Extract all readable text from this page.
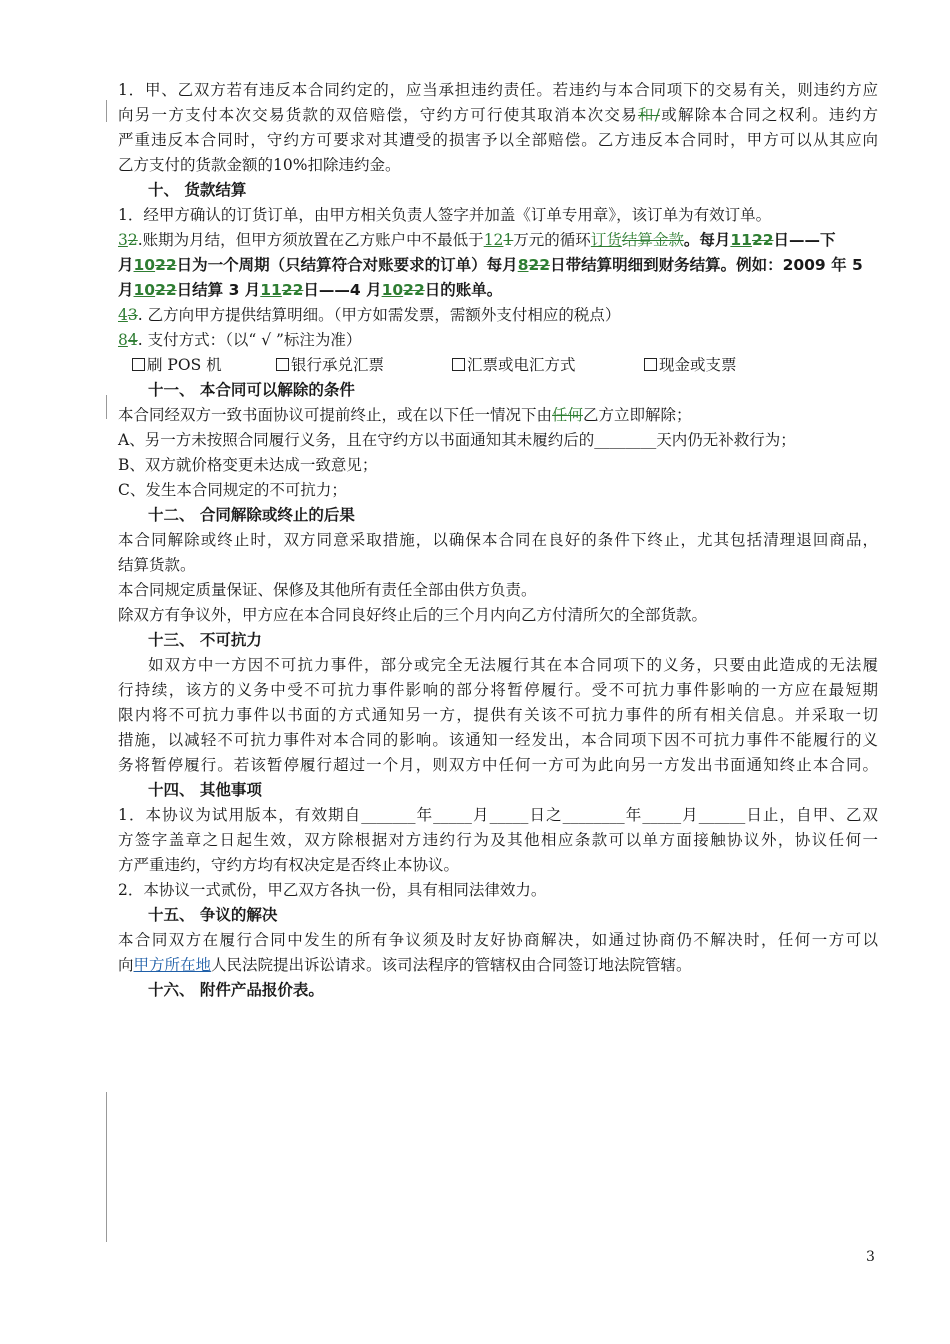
1．甲、乙双方若有违反本合同约定的，应当承担违约责任。若违约与本合同项下的交易有关，则违约方应
向另一方支付本次交易货款的双倍赔偿，守约方可行使其取消本次交易和/或解除本合同之权利。违约方
严重违反本合同时，守约方可要求对其遭受的损害予以全部赔偿。乙方违反本合同时，甲方可以从其应向
乙方支付的货款金额的10%扣除违约金。
十、 货款结算
1．经甲方确认的订货订单，由甲方相关负责人签字并加盖《订单专用章》，该订单为有效订单。
32.账期为月结，但甲方须放置在乙方账户中不最低于121万元的循环订货结算金款。每月1122日——下
月1022日为一个周期（只结算符合对账要求的订单）每月822日带结算明细到财务结算。例如：2009 年 5
月1022日结算 3 月1122日——4 月1022日的账单。
43. 乙方向甲方提供结算明细。（甲方如需发票，需额外支付相应的税点）
84. 支付方式：（以“ √ ”标注为准）
刷 POS 机	银行承兑汇票	汇票或电汇方式	现金或支票
十一、 本合同可以解除的条件
本合同经双方一致书面协议可提前终止，或在以下任一情况下由任何乙方立即解除；
A、另一方未按照合同履行义务，且在守约方以书面通知其未履约后的________天内仍无补救行为；
B、双方就价格变更未达成一致意见；
C、发生本合同规定的不可抗力；
十二、 合同解除或终止的后果
本合同解除或终止时，双方同意采取措施，以确保本合同在良好的条件下终止，尤其包括清理退回商品，
结算货款。
本合同规定质量保证、保修及其他所有责任全部由供方负责。
除双方有争议外，甲方应在本合同良好终止后的三个月内向乙方付清所欠的全部货款。
十三、 不可抗力
如双方中一方因不可抗力事件，部分或完全无法履行其在本合同项下的义务，只要由此造成的无法履
行持续，该方的义务中受不可抗力事件影响的部分将暂停履行。受不可抗力事件影响的一方应在最短期
限内将不可抗力事件以书面的方式通知另一方，提供有关该不可抗力事件的所有相关信息。并采取一切
措施，以减轻不可抗力事件对本合同的影响。该通知一经发出，本合同项下因不可抗力事件不能履行的义
务将暂停履行。若该暂停履行超过一个月，则双方中任何一方可为此向另一方发出书面通知终止本合同。
十四、 其他事项
1．本协议为试用版本，有效期自_______年_____月_____日之________年_____月______日止，自甲、乙双
方签字盖章之日起生效，双方除根据对方违约行为及其他相应条款可以单方面接触协议外，协议任何一
方严重违约，守约方均有权决定是否终止本协议。
2．本协议一式贰份，甲乙双方各执一份，具有相同法律效力。
十五、 争议的解决
本合同双方在履行合同中发生的所有争议须及时友好协商解决，如通过协商仍不解决时，任何一方可以
向甲方所在地人民法院提出诉讼请求。该司法程序的管辖权由合同签订地法院管辖。
十六、 附件产品报价表。
3
